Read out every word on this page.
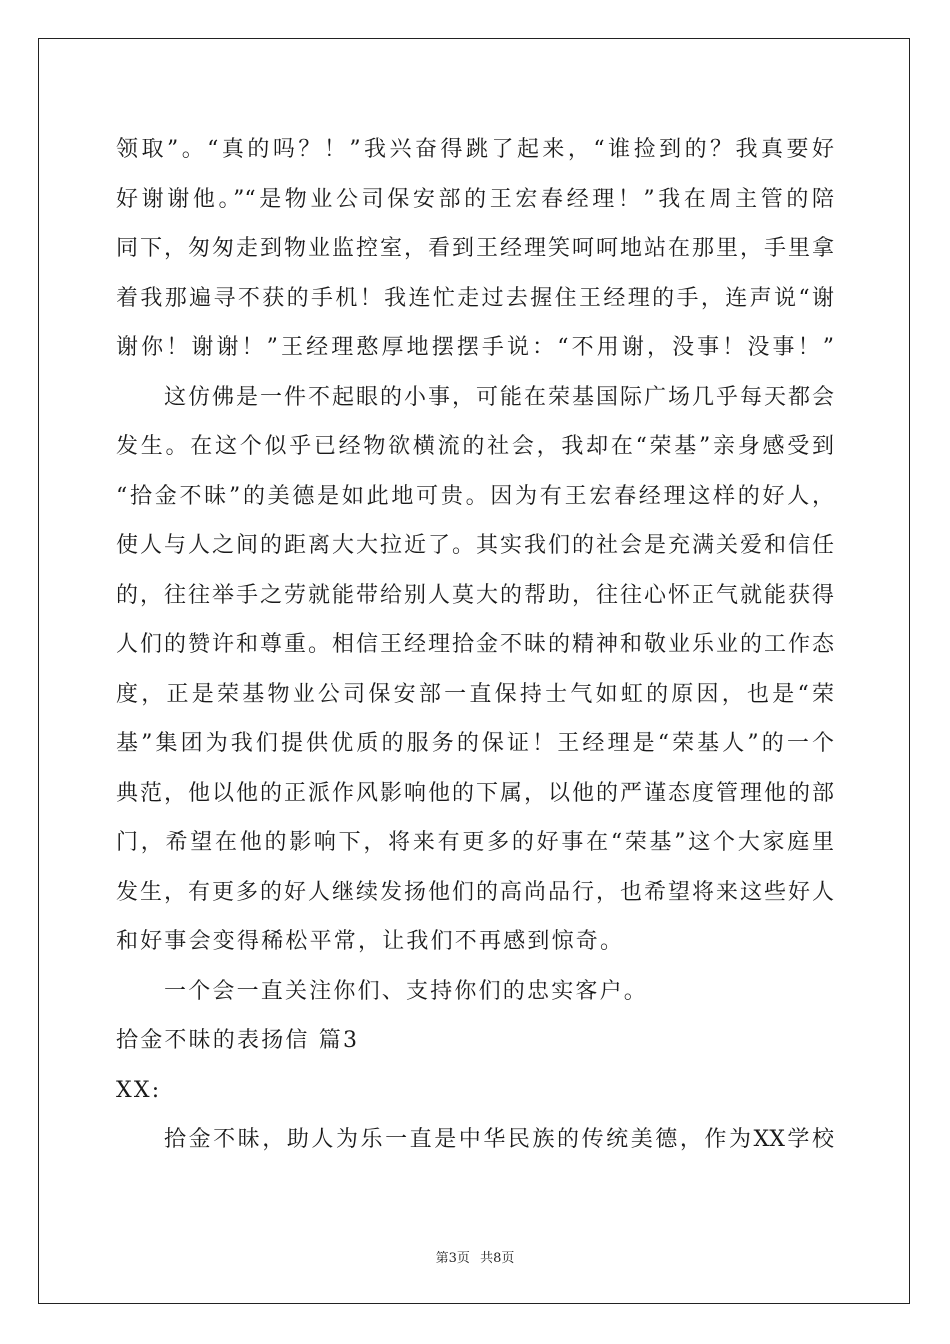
领取”。“真的吗？！”我兴奋得跳了起来，“谁捡到的？我真要好
好谢谢他。”“是物业公司保安部的王宏春经理！”我在周主管的陪
同下，匆匆走到物业监控室，看到王经理笑呵呵地站在那里，手里拿
着我那遍寻不获的手机！我连忙走过去握住王经理的手，连声说“谢
谢你！谢谢！”王经理憨厚地摆摆手说：“不用谢，没事！没事！”
这仿佛是一件不起眼的小事，可能在荣基国际广场几乎每天都会
发生。在这个似乎已经物欲横流的社会，我却在“荣基”亲身感受到
“拾金不昧”的美德是如此地可贵。因为有王宏春经理这样的好人，
使人与人之间的距离大大拉近了。其实我们的社会是充满关爱和信任
的，往往举手之劳就能带给别人莫大的帮助，往往心怀正气就能获得
人们的赞许和尊重。相信王经理拾金不昧的精神和敬业乐业的工作态
度，正是荣基物业公司保安部一直保持士气如虹的原因，也是“荣
基”集团为我们提供优质的服务的保证！王经理是“荣基人”的一个
典范，他以他的正派作风影响他的下属，以他的严谨态度管理他的部
门，希望在他的影响下，将来有更多的好事在“荣基”这个大家庭里
发生，有更多的好人继续发扬他们的高尚品行，也希望将来这些好人
和好事会变得稀松平常，让我们不再感到惊奇。
一个会一直关注你们、支持你们的忠实客户。
拾金不昧的表扬信 篇3
XX:
拾金不昧，助人为乐一直是中华民族的传统美德，作为XX学校
第3页 共8页
